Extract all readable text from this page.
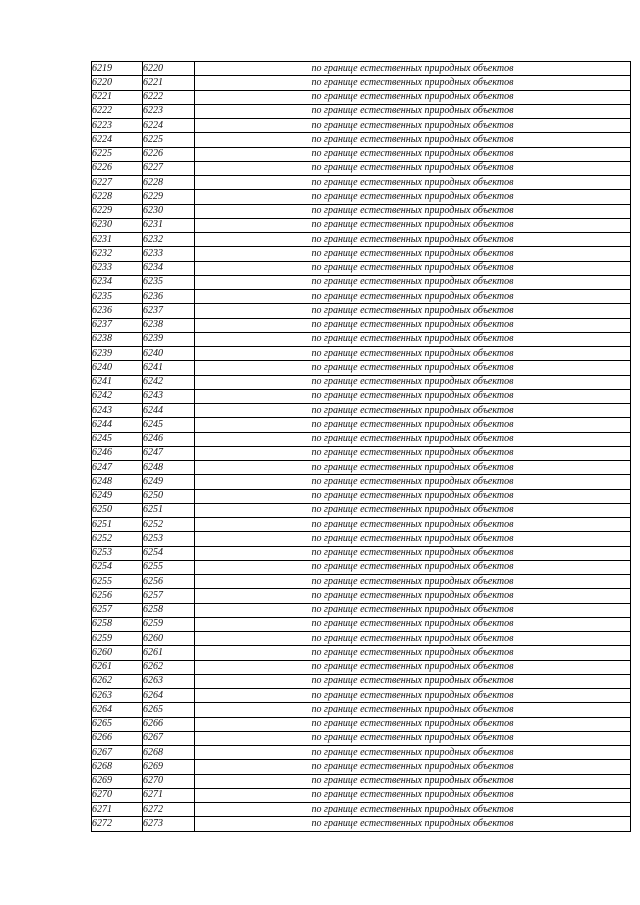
6219	6220	по границе естественных природных объектов
6220	6221	по границе естественных природных объектов
6221	6222	по границе естественных природных объектов
6222	6223	по границе естественных природных объектов
6223	6224	по границе естественных природных объектов
6224	6225	по границе естественных природных объектов
6225	6226	по границе естественных природных объектов
6226	6227	по границе естественных природных объектов
6227	6228	по границе естественных природных объектов
6228	6229	по границе естественных природных объектов
6229	6230	по границе естественных природных объектов
6230	6231	по границе естественных природных объектов
6231	6232	по границе естественных природных объектов
6232	6233	по границе естественных природных объектов
6233	6234	по границе естественных природных объектов
6234	6235	по границе естественных природных объектов
6235	6236	по границе естественных природных объектов
6236	6237	по границе естественных природных объектов
6237	6238	по границе естественных природных объектов
6238	6239	по границе естественных природных объектов
6239	6240	по границе естественных природных объектов
6240	6241	по границе естественных природных объектов
6241	6242	по границе естественных природных объектов
6242	6243	по границе естественных природных объектов
6243	6244	по границе естественных природных объектов
6244	6245	по границе естественных природных объектов
6245	6246	по границе естественных природных объектов
6246	6247	по границе естественных природных объектов
6247	6248	по границе естественных природных объектов
6248	6249	по границе естественных природных объектов
6249	6250	по границе естественных природных объектов
6250	6251	по границе естественных природных объектов
6251	6252	по границе естественных природных объектов
6252	6253	по границе естественных природных объектов
6253	6254	по границе естественных природных объектов
6254	6255	по границе естественных природных объектов
6255	6256	по границе естественных природных объектов
6256	6257	по границе естественных природных объектов
6257	6258	по границе естественных природных объектов
6258	6259	по границе естественных природных объектов
6259	6260	по границе естественных природных объектов
6260	6261	по границе естественных природных объектов
6261	6262	по границе естественных природных объектов
6262	6263	по границе естественных природных объектов
6263	6264	по границе естественных природных объектов
6264	6265	по границе естественных природных объектов
6265	6266	по границе естественных природных объектов
6266	6267	по границе естественных природных объектов
6267	6268	по границе естественных природных объектов
6268	6269	по границе естественных природных объектов
6269	6270	по границе естественных природных объектов
6270	6271	по границе естественных природных объектов
6271	6272	по границе естественных природных объектов
6272	6273	по границе естественных природных объектов
